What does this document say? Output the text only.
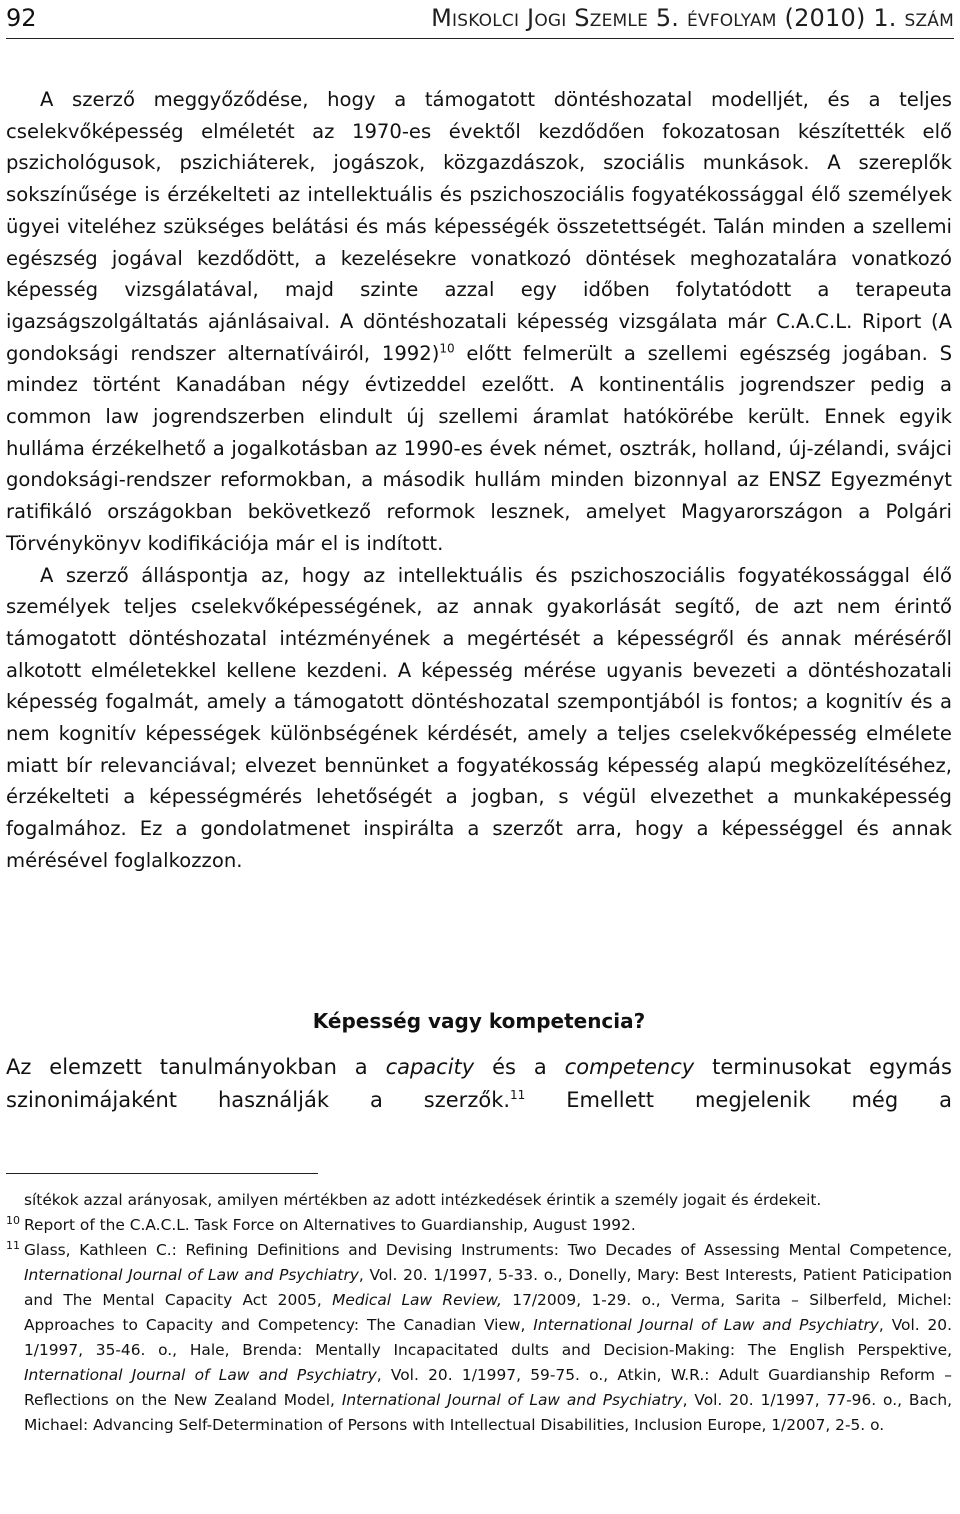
92	Miskolci Jogi Szemle 5. évfolyam (2010) 1. szám

A szerző meggyőződése, hogy a támogatott döntéshozatal modelljét, és a teljes cselekvőképesség elméletét az 1970-es évektől kezdődően fokozatosan készítették elő pszichológusok, pszichiáterek, jogászok, közgazdászok, szociális munkások. A szereplők sokszínűsége is érzékelteti az intellektuális és pszichoszociális fogyatékossággal élő személyek ügyei viteléhez szükséges belátási és más képességék összetettségét. Talán minden a szellemi egészség jogával kezdődött, a kezelésekre vonatkozó döntések meghozatalára vonatkozó képesség vizsgálatával, majd szinte azzal egy időben folytatódott a terapeuta igazságszolgáltatás ajánlásaival. A döntéshozatali képesség vizsgálata már C.A.C.L. Riport (A gondoksági rendszer alternatíváiról, 1992)$^{10}$ előtt felmerült a szellemi egészség jogában. S mindez történt Kanadában négy évtizeddel ezelőtt. A kontinentális jogrendszer pedig a common law jogrendszerben elindult új szellemi áramlat hatókörébe került. Ennek egyik hulláma érzékelhető a jogalkotásban az 1990-es évek német, osztrák, holland, új-zélandi, svájci gondoksági-rendszer reformokban, a második hullám minden bizonnyal az ENSZ Egyezményt ratifikáló országokban bekövetkező reformok lesznek, amelyet Magyarországon a Polgári Törvénykönyv kodifikációja már el is indított.

A szerző álláspontja az, hogy az intellektuális és pszichoszociális fogyatékossággal élő személyek teljes cselekvőképességének, az annak gyakorlását segítő, de azt nem érintő támogatott döntéshozatal intézményének a megértését a képességről és annak méréséről alkotott elméletekkel kellene kezdeni. A képesség mérése ugyanis bevezeti a döntéshozatali képesség fogalmát, amely a támogatott döntéshozatal szempontjából is fontos; a kognitív és a nem kognitív képességek különbségének kérdését, amely a teljes cselekvőképesség elmélete miatt bír relevanciával; elvezet bennünket a fogyatékosság képesség alapú megközelítéséhez, érzékelteti a képességmérés lehetőségét a jogban, s végül elvezethet a munkaképesség fogalmához. Ez a gondolatmenet inspirálta a szerzőt arra, hogy a képességgel és annak mérésével foglalkozzon.

Képesség vagy kompetencia?

Az elemzett tanulmányokban a capacity és a competency terminusokat egymás szinonimájaként használják a szerzők.$^{11}$ Emellett megjelenik még a

sítékok azzal arányosak, amilyen mértékben az adott intézkedések érintik a személy jogait és érdekeit.

10 Report of the C.A.C.L. Task Force on Alternatives to Guardianship, August 1992.

11 Glass, Kathleen C.: Refining Definitions and Devising Instruments: Two Decades of Assessing Mental Competence, International Journal of Law and Psychiatry, Vol. 20. 1/1997, 5-33. o., Donelly, Mary: Best Interests, Patient Paticipation and The Mental Capacity Act 2005, Medical Law Review, 17/2009, 1-29. o., Verma, Sarita – Silberfeld, Michel: Approaches to Capacity and Competency: The Canadian View, International Journal of Law and Psychiatry, Vol. 20. 1/1997, 35-46. o., Hale, Brenda: Mentally Incapacitated dults and Decision-Making: The English Perspektive, International Journal of Law and Psychiatry, Vol. 20. 1/1997, 59-75. o., Atkin, W.R.: Adult Guardianship Reform – Reflections on the New Zealand Model, International Journal of Law and Psychiatry, Vol. 20. 1/1997, 77-96. o., Bach, Michael: Advancing Self-Determination of Persons with Intellectual Disabilities, Inclusion Europe, 1/2007, 2-5. o.
